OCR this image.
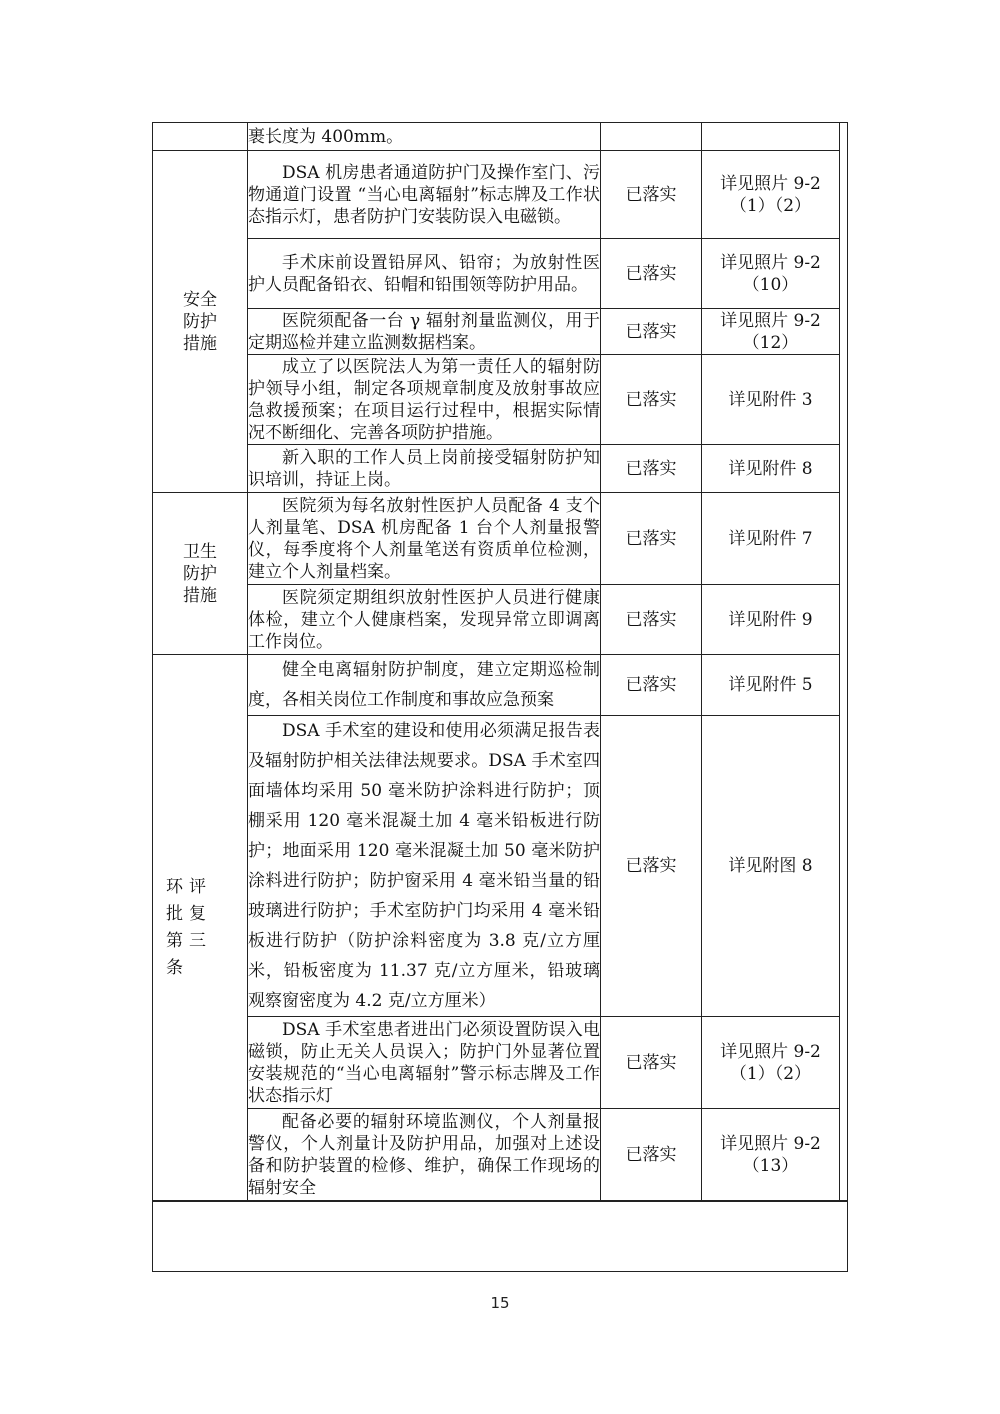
	裹长度为 400mm。		
安全防护措施	DSA 机房患者通道防护门及操作室门、污物通道门设置 “当心电离辐射”标志牌及工作状态指示灯，患者防护门安装防误入电磁锁。	已落实	详见照片 9-2（1）（2）

	手术床前设置铅屏风、铅帘；为放射性医护人员配备铅衣、铅帽和铅围领等防护用品。	已落实	详见照片 9-2（10）

	医院须配备一台 γ 辐射剂量监测仪，用于定期巡检并建立监测数据档案。	已落实	详见照片 9-2（12）

	成立了以医院法人为第一责任人的辐射防护领导小组，制定各项规章制度及放射事故应急救援预案；在项目运行过程中，根据实际情况不断细化、完善各项防护措施。	已落实	详见附件 3

	新入职的工作人员上岗前接受辐射防护知识培训，持证上岗。	已落实	详见附件 8
卫生防护措施	医院须为每名放射性医护人员配备 4 支个人剂量笔、DSA 机房配备 1 台个人剂量报警仪，每季度将个人剂量笔送有资质单位检测，建立个人剂量档案。	已落实	详见附件 7

	医院须定期组织放射性医护人员进行健康体检，建立个人健康档案，发现异常立即调离工作岗位。	已落实	详见附件 9
环评批复第三条	健全电离辐射防护制度，建立定期巡检制度，各相关岗位工作制度和事故应急预案	已落实	详见附件 5

	DSA 手术室的建设和使用必须满足报告表及辐射防护相关法律法规要求。DSA 手术室四面墙体均采用 50 毫米防护涂料进行防护；顶棚采用 120 毫米混凝土加 4 毫米铅板进行防护；地面采用 120 毫米混凝土加 50 毫米防护涂料进行防护；防护窗采用 4 毫米铅当量的铅玻璃进行防护；手术室防护门均采用 4 毫米铅板进行防护（防护涂料密度为 3.8 克/立方厘米，铅板密度为 11.37 克/立方厘米，铅玻璃观察窗密度为 4.2 克/立方厘米）	已落实	详见附图 8

	DSA 手术室患者进出门必须设置防误入电磁锁，防止无关人员误入；防护门外显著位置安装规范的“当心电离辐射”警示标志牌及工作状态指示灯	已落实	详见照片 9-2（1）（2）

	配备必要的辐射环境监测仪，个人剂量报警仪，个人剂量计及防护用品，加强对上述设备和防护装置的检修、维护，确保工作现场的辐射安全	已落实	详见照片 9-2（13）
15
